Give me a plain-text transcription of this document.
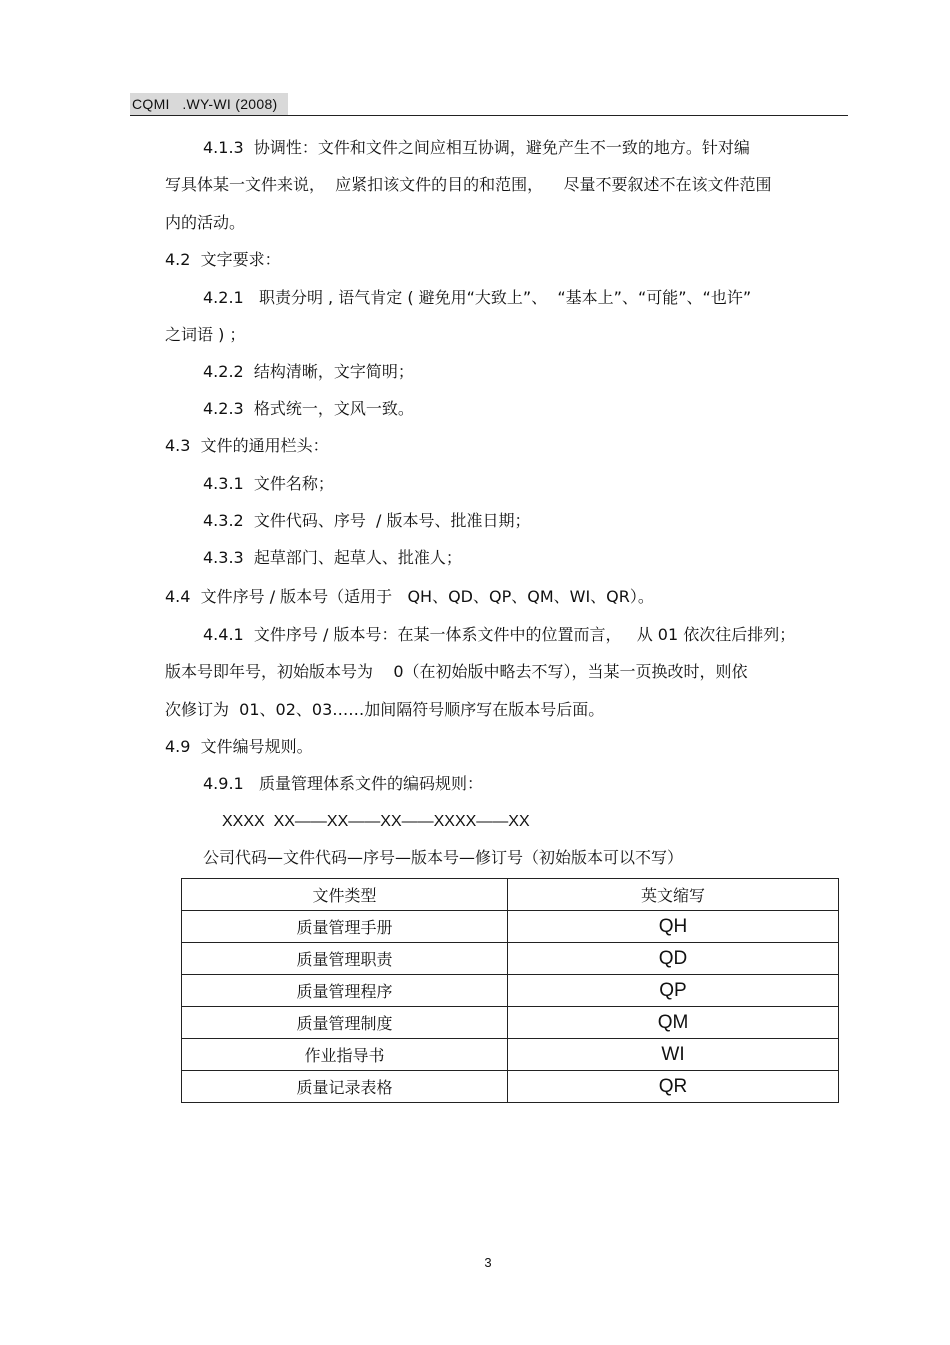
CQMI   .WY-WI (2008)
4.1.3  协调性：文件和文件之间应相互协调，避免产生不一致的地方。针对编
写具体某一文件来说，  应紧扣该文件的目的和范围，    尽量不要叙述不在该文件范围
内的活动。
4.2  文字要求：
4.2.1   职责分明 , 语气肯定 ( 避免用“大致上”、  “基本上”、“可能”、“也许”
之词语 ) ；
4.2.2  结构清晰，文字简明；
4.2.3  格式统一，文风一致。
4.3  文件的通用栏头：
4.3.1  文件名称；
4.3.2  文件代码、序号  / 版本号、批准日期；
4.3.3  起草部门、起草人、批准人；
4.4  文件序号 / 版本号（适用于   QH、QD、QP、QM、WI、QR）。
4.4.1  文件序号 / 版本号：在某一体系文件中的位置而言，   从 01 依次往后排列；
版本号即年号，初始版本号为    0（在初始版中略去不写），当某一页换改时，则依
次修订为  01、02、03……加间隔符号顺序写在版本号后面。
4.9  文件编号规则。
4.9.1   质量管理体系文件的编码规则：
XXXX  XX——XX——XX——XXXX——XX
公司代码—文件代码—序号—版本号—修订号（初始版本可以不写）
文件类型	英文缩写
质量管理手册	QH
质量管理职责	QD
质量管理程序	QP
质量管理制度	QM
作业指导书	WI
质量记录表格	QR
3
